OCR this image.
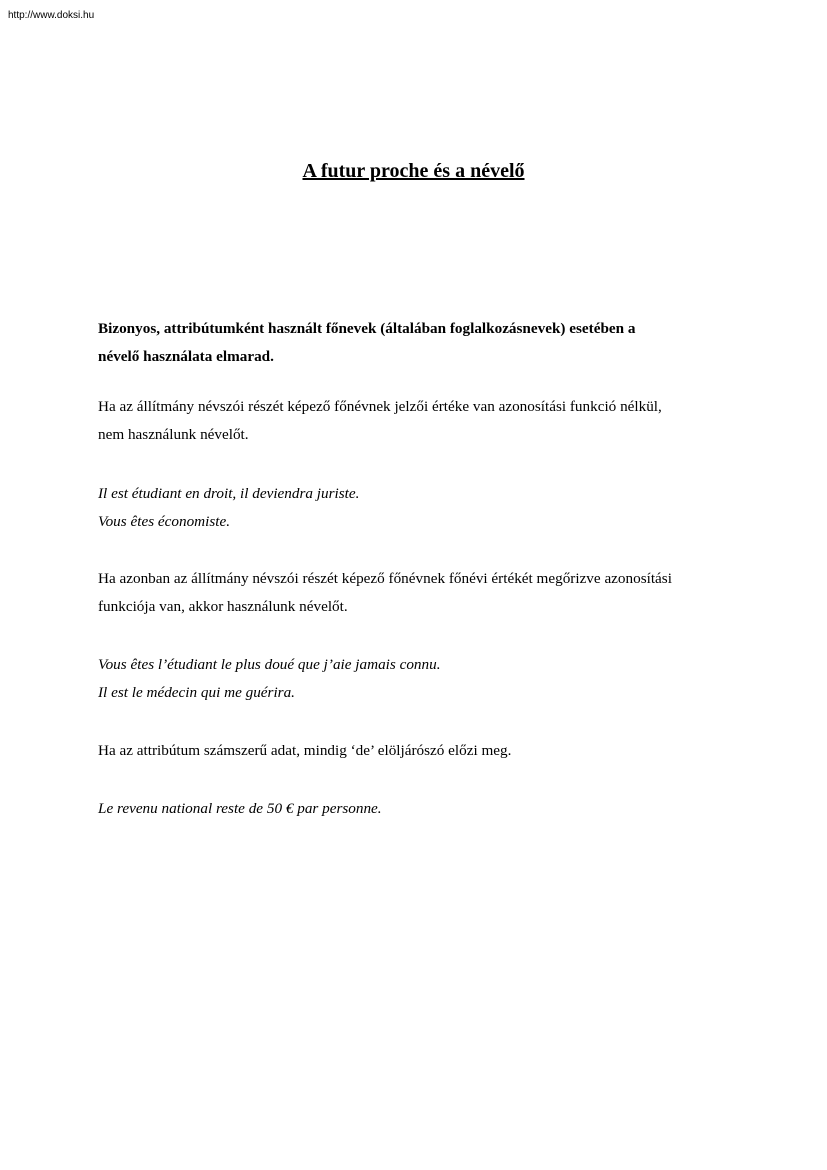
http://www.doksi.hu
A futur proche és a névelő
Bizonyos, attribútumként használt főnevek (általában foglalkozásnevek) esetében a
névelő használata elmarad.
Ha az állítmány névszói részét képező főnévnek jelzői értéke van azonosítási funkció nélkül,
nem használunk névelőt.
Il est étudiant en droit, il deviendra juriste.
Vous êtes économiste.
Ha azonban az állítmány névszói részét képező főnévnek főnévi értékét megőrizve azonosítási
funkciója van, akkor használunk névelőt.
Vous êtes l’étudiant le plus doué que j’aie jamais connu.
Il est le médecin qui me guérira.
Ha az attribútum számszerű adat, mindig ‘de’ elöljárószó előzi meg.
Le revenu national reste de 50 € par personne.
